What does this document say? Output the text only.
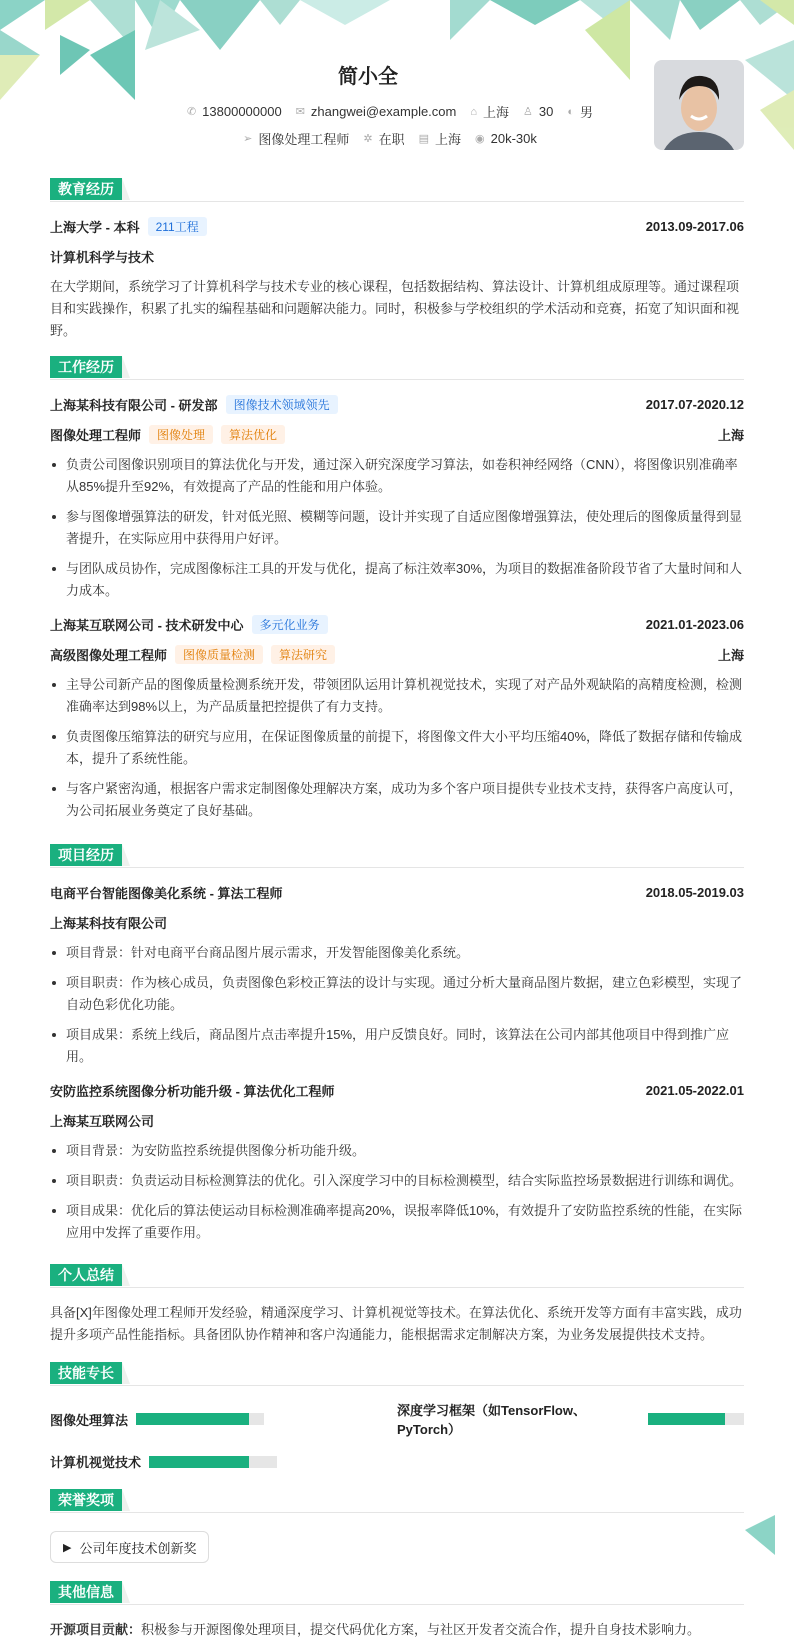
简小全
✆ 13800000000 ✉ zhangwei@example.com ⌂ 上海 ♙ 30 ◐ 男
➢ 图像处理工程师 ✲ 在职 ▤ 上海 ◉ 20k-30k
教育经历
上海大学 - 本科	211工程	2013.09-2017.06
计算机科学与技术
在大学期间，系统学习了计算机科学与技术专业的核心课程，包括数据结构、算法设计、计算机组成原理等。通过课程项目和实践操作，积累了扎实的编程基础和问题解决能力。同时，积极参与学校组织的学术活动和竞赛，拓宽了知识面和视野。
工作经历
上海某科技有限公司 - 研发部	图像技术领域领先	2017.07-2020.12
图像处理工程师	图像处理	算法优化	上海
负责公司图像识别项目的算法优化与开发，通过深入研究深度学习算法，如卷积神经网络（CNN），将图像识别准确率从85%提升至92%，有效提高了产品的性能和用户体验。
参与图像增强算法的研发，针对低光照、模糊等问题，设计并实现了自适应图像增强算法，使处理后的图像质量得到显著提升，在实际应用中获得用户好评。
与团队成员协作，完成图像标注工具的开发与优化，提高了标注效率30%，为项目的数据准备阶段节省了大量时间和人力成本。
上海某互联网公司 - 技术研发中心	多元化业务	2021.01-2023.06
高级图像处理工程师	图像质量检测	算法研究	上海
主导公司新产品的图像质量检测系统开发，带领团队运用计算机视觉技术，实现了对产品外观缺陷的高精度检测，检测准确率达到98%以上，为产品质量把控提供了有力支持。
负责图像压缩算法的研究与应用，在保证图像质量的前提下，将图像文件大小平均压缩40%，降低了数据存储和传输成本，提升了系统性能。
与客户紧密沟通，根据客户需求定制图像处理解决方案，成功为多个客户项目提供专业技术支持，获得客户高度认可，为公司拓展业务奠定了良好基础。
项目经历
电商平台智能图像美化系统 - 算法工程师	2018.05-2019.03
上海某科技有限公司
项目背景：针对电商平台商品图片展示需求，开发智能图像美化系统。
项目职责：作为核心成员，负责图像色彩校正算法的设计与实现。通过分析大量商品图片数据，建立色彩模型，实现了自动色彩优化功能。
项目成果：系统上线后，商品图片点击率提升15%，用户反馈良好。同时，该算法在公司内部其他项目中得到推广应用。
安防监控系统图像分析功能升级 - 算法优化工程师	2021.05-2022.01
上海某互联网公司
项目背景：为安防监控系统提供图像分析功能升级。
项目职责：负责运动目标检测算法的优化。引入深度学习中的目标检测模型，结合实际监控场景数据进行训练和调优。
项目成果：优化后的算法使运动目标检测准确率提高20%，误报率降低10%，有效提升了安防监控系统的性能，在实际应用中发挥了重要作用。
个人总结
具备[X]年图像处理工程师开发经验，精通深度学习、计算机视觉等技术。在算法优化、系统开发等方面有丰富实践，成功提升多项产品性能指标。具备团队协作精神和客户沟通能力，能根据需求定制解决方案，为业务发展提供技术支持。
技能专长
图像处理算法
深度学习框架（如TensorFlow、PyTorch）
计算机视觉技术
荣誉奖项
▶ 公司年度技术创新奖
其他信息
开源项目贡献：积极参与开源图像处理项目，提交代码优化方案，与社区开发者交流合作，提升自身技术影响力。
